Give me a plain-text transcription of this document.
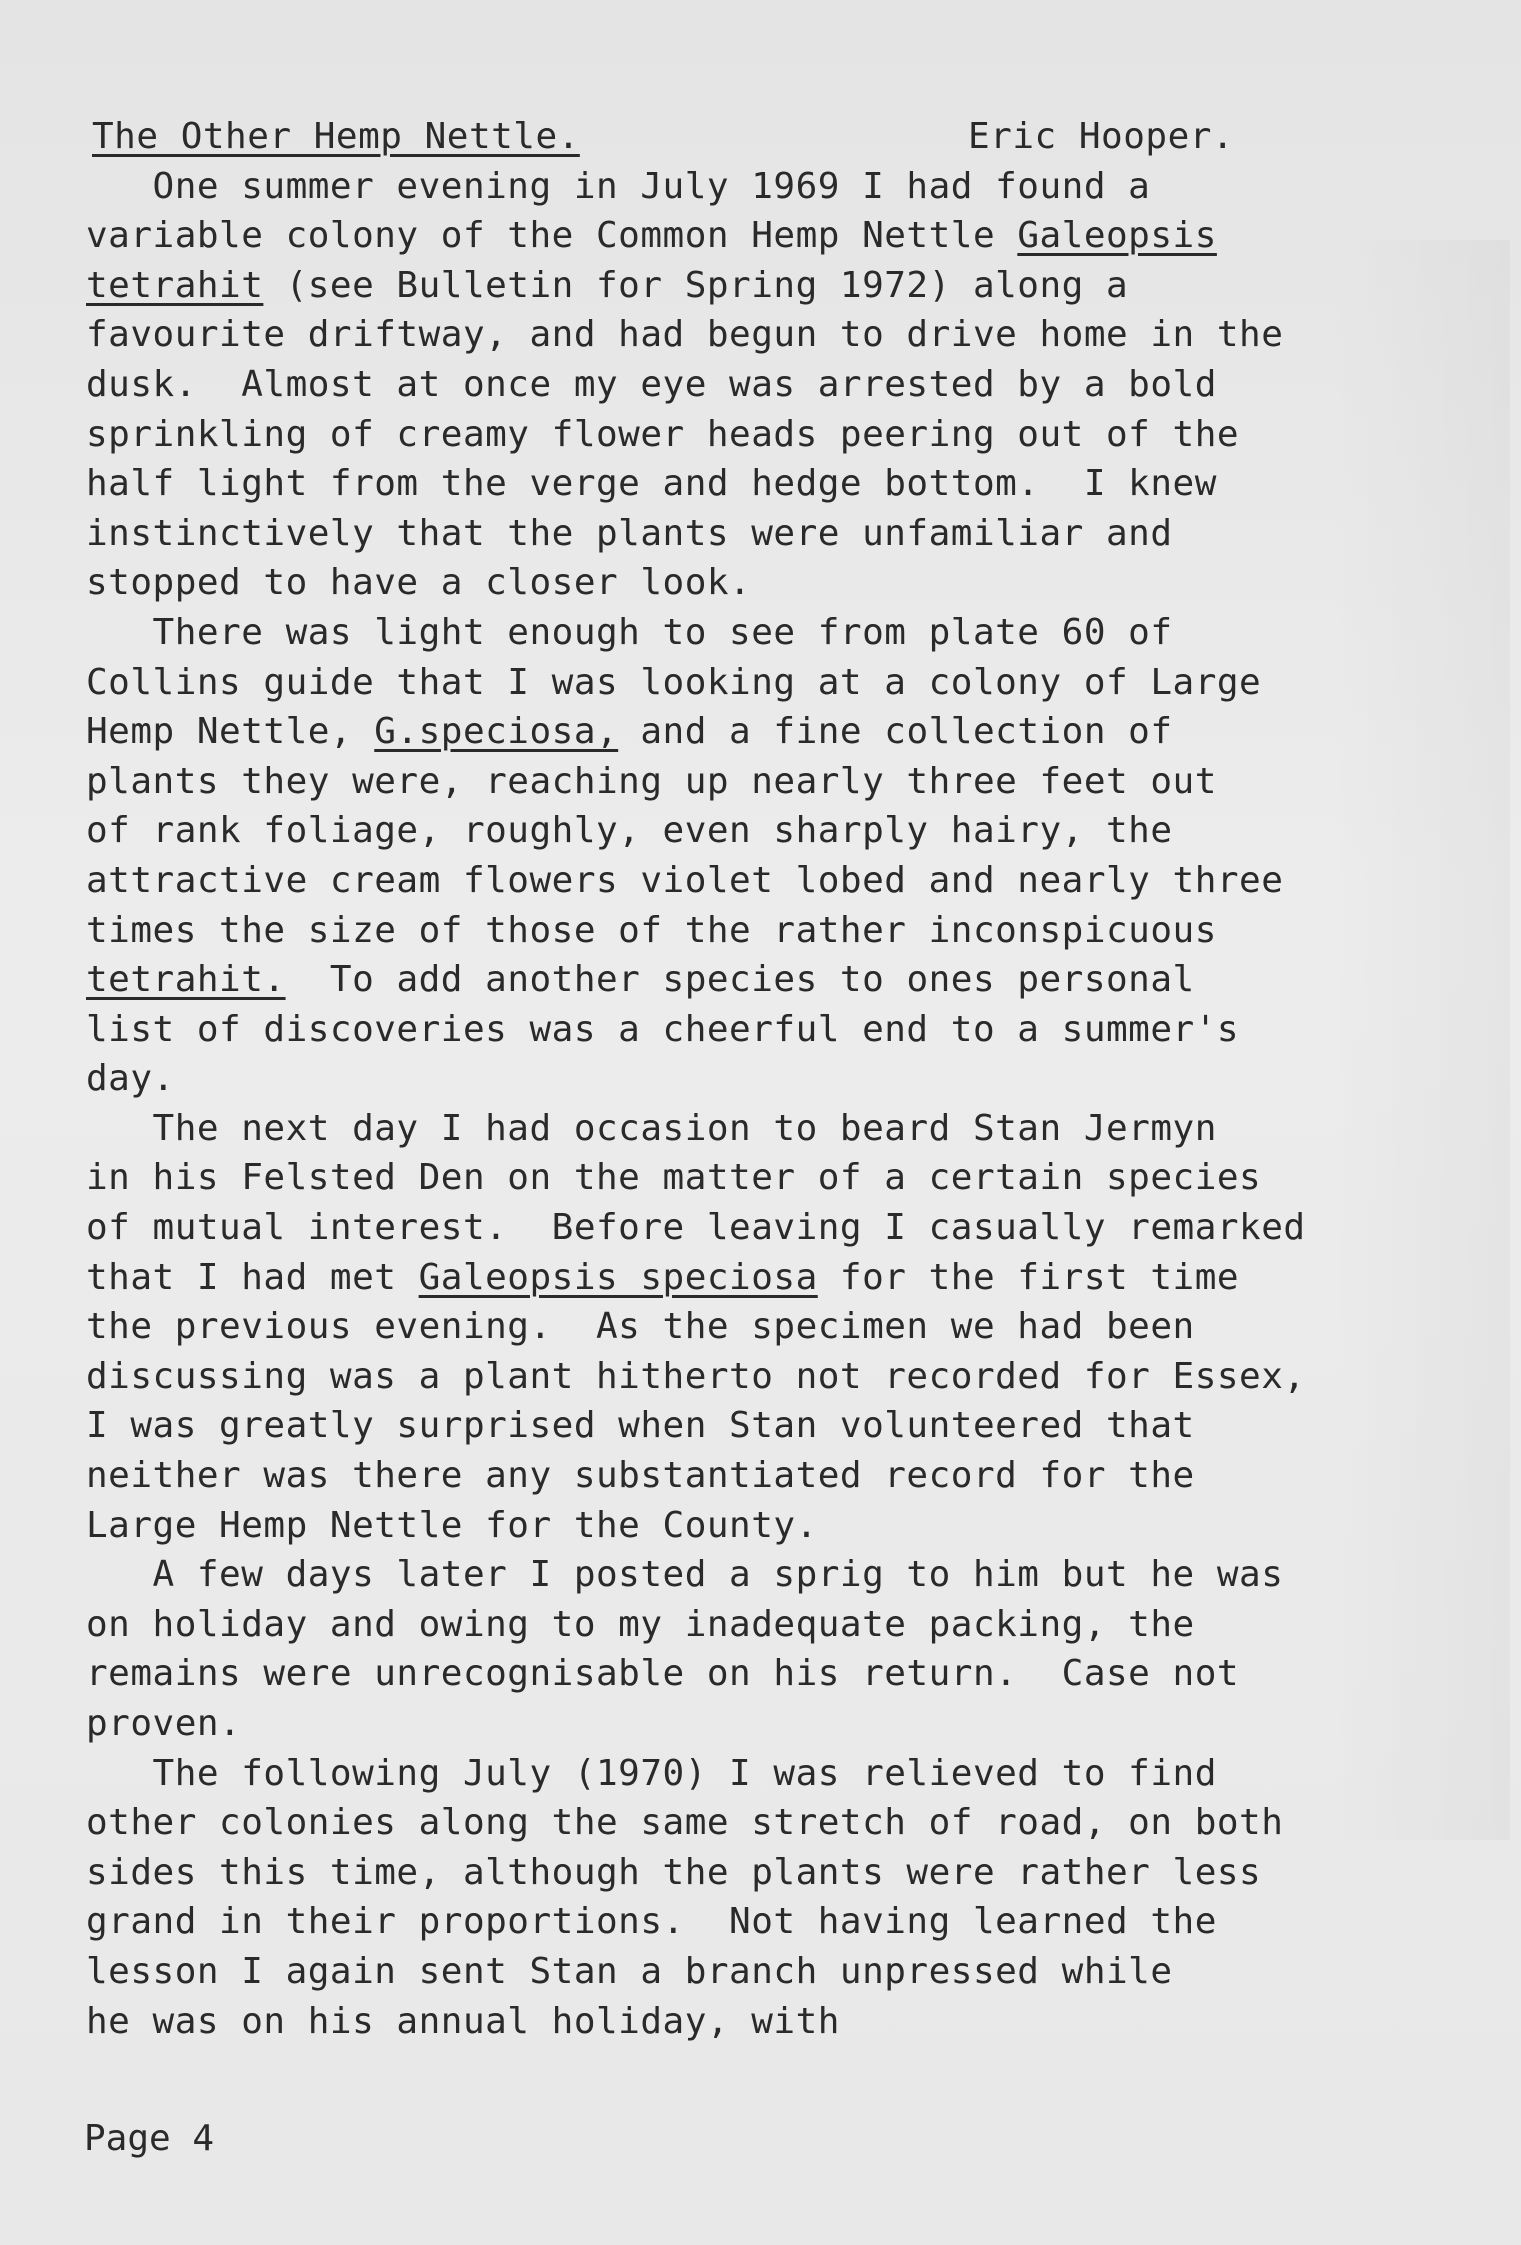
The Other Hemp Nettle.

	Eric Hooper.

One summer evening in July 1969 I had found a
variable colony of the Common Hemp Nettle Galeopsis
tetrahit (see Bulletin for Spring 1972) along a
favourite driftway, and had begun to drive home in the
dusk.  Almost at once my eye was arrested by a bold
sprinkling of creamy flower heads peering out of the
half light from the verge and hedge bottom.  I knew
instinctively that the plants were unfamiliar and
stopped to have a closer look.
There was light enough to see from plate 60 of
Collins guide that I was looking at a colony of Large
Hemp Nettle, G.speciosa, and a fine collection of
plants they were, reaching up nearly three feet out
of rank foliage, roughly, even sharply hairy, the
attractive cream flowers violet lobed and nearly three
times the size of those of the rather inconspicuous
tetrahit.  To add another species to ones personal
list of discoveries was a cheerful end to a summer's
day.
The next day I had occasion to beard Stan Jermyn
in his Felsted Den on the matter of a certain species
of mutual interest.  Before leaving I casually remarked
that I had met Galeopsis speciosa for the first time
the previous evening.  As the specimen we had been
discussing was a plant hitherto not recorded for Essex,
I was greatly surprised when Stan volunteered that
neither was there any substantiated record for the
Large Hemp Nettle for the County.
A few days later I posted a sprig to him but he was
on holiday and owing to my inadequate packing, the
remains were unrecognisable on his return.  Case not
proven.
The following July (1970) I was relieved to find
other colonies along the same stretch of road, on both
sides this time, although the plants were rather less
grand in their proportions.  Not having learned the
lesson I again sent Stan a branch unpressed while
he was on his annual holiday, with
Page 4
